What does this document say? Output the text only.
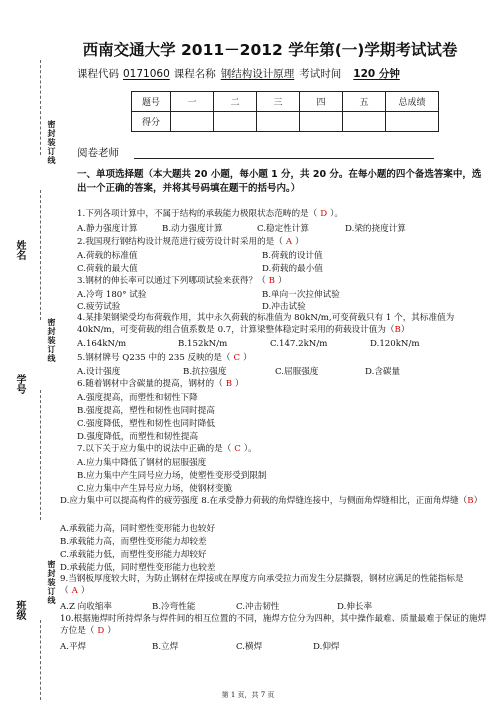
密封装订线
密封装订线
密封装订线
姓名
学号
班级
西南交通大学 2011－2012 学年第(一)学期考试试卷
课程代码 0171060 课程名称 钢结构设计原理 考试时间 120 分钟
题号	一	二	三	四	五	总成绩
得分						
阅卷老师
一、单项选择题（本大题共 20 小题，每小题 1 分，共 20 分。在每小题的四个备选答案中，选出一个正确的答案，并将其号码填在题干的括号内。）
1.下列各项计算中，不属于结构的承载能力极限状态范畴的是（ D ）。
A.静力强度计算	B.动力强度计算	C.稳定性计算	D.梁的挠度计算
2.我国现行钢结构设计规范进行疲劳设计时采用的是（ A ）
A.荷载的标准值	B.荷载的设计值
C.荷载的最大值	D.荷载的最小值
3.钢材的伸长率可以通过下列哪项试验来获得？（ B ）
A.冷弯 180° 试验	B.单向一次拉伸试验
C.疲劳试验	D.冲击试验
4.某排架钢梁受均布荷载作用，其中永久荷载的标准值为 80kN/m,可变荷载只有 1 个，其标准值为 40kN/m，可变荷载的组合值系数是 0.7，计算梁整体稳定时采用的荷载设计值为（B）
A.164kN/m	B.152kN/m	C.147.2kN/m	D.120kN/m
5.钢材牌号 Q235 中的 235 反映的是（ C ）
A.设计强度	B.抗拉强度	C.屈服强度	D.含碳量
6.随着钢材中含碳量的提高，钢材的（ B ）
A.强度提高，而塑性和韧性下降
B.强度提高，塑性和韧性也同时提高
C.强度降低，塑性和韧性也同时降低
D.强度降低，而塑性和韧性提高
7.以下关于应力集中的说法中正确的是（ C ）。
A.应力集中降低了钢材的屈服强度
B.应力集中产生同号应力场，使塑性变形受到限制
C.应力集中产生异号应力场，使钢材变脆
D.应力集中可以提高构件的疲劳强度 8.在承受静力荷载的角焊缝连接中，与侧面角焊缝相比，正面角焊缝（B）
A.承载能力高，同时塑性变形能力也较好
B.承载能力高，而塑性变形能力却较差
C.承载能力低，而塑性变形能力却较好
D.承载能力低，同时塑性变形能力也较差
9.当钢板厚度较大时，为防止钢材在焊接或在厚度方向承受拉力而发生分层撕裂，钢材应满足的性能指标是（ A ）
A.Z 向收缩率	B.冷弯性能	C.冲击韧性	D.伸长率
10.根据施焊时所持焊条与焊件间的相互位置的不同，施焊方位分为四种，其中操作最难、质量最难于保证的施焊方位是（ D ）
A.平焊	B.立焊	C.横焊	D.仰焊
第 1 页，共 7 页
